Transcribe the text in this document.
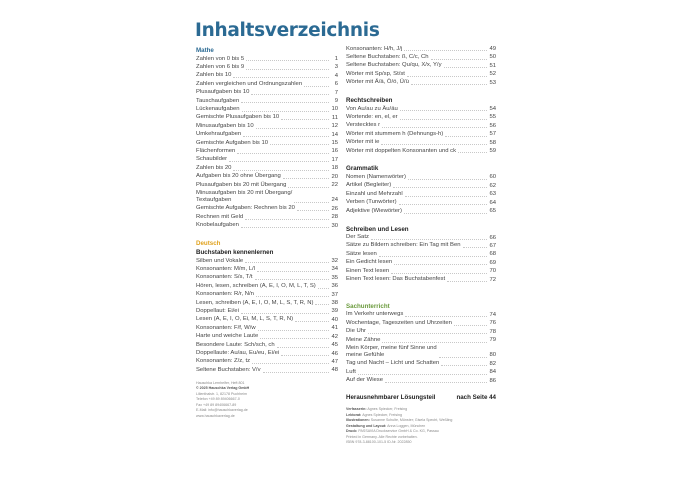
Inhaltsverzeichnis
Mathe
Zahlen von 0 bis 5	1
Zahlen von 6 bis 9	3
Zahlen bis 10	4
Zahlen vergleichen und Ordnungszahlen	6
Plusaufgaben bis 10	7
Tauschaufgaben	9
Lückenaufgaben	10
Gemischte Plusaufgaben bis 10	11
Minusaufgaben bis 10	12
Umkehraufgaben	14
Gemischte Aufgaben bis 10	15
Flächenformen	16
Schaubilder	17
Zahlen bis 20	18
Aufgaben bis 20 ohne Übergang	20
Plusaufgaben bis 20 mit Übergang	22
Minusaufgaben bis 20 mit Übergang/
Textaufgaben	24
Gemischte Aufgaben: Rechnen bis 20	26
Rechnen mit Geld	28
Knobelaufgaben	30
Deutsch
Buchstaben kennenlernen
Silben und Vokale	32
Konsonanten: M/m, L/l	34
Konsonanten: S/s, T/t	35
Hören, lesen, schreiben (A, E, I, O, M, L, T, S)	36
Konsonanten: R/r, N/n	37
Lesen, schreiben (A, E, I, O, M, L, S, T, R, N)	38
Doppellaut: Ei/ei	39
Lesen (A, E, I, O, Ei, M, L, S, T, R, N)	40
Konsonanten: F/f, W/w	41
Harte und weiche Laute	42
Besondere Laute: Sch/sch, ch	45
Doppellaute: Au/au, Eu/eu, Ei/ei	46
Konsonanten: Z/z, tz	47
Seltene Buchstaben: V/v	48
Hauschka Lernhelfer, Heft 801
© 2025 Hauschka Verlag GmbH
Lilienthalstr. 1, 82178 Puchheim
Telefon +49 89 89406667-0
Fax +49 89 89406667-89
E-Mail: info@hauschkaverlag.de
www.hauschkaverlag.de
Konsonanten: H/h, J/j	49
Seltene Buchstaben: ß, C/c, Ch	50
Seltene Buchstaben: Qu/qu, X/x, Y/y	51
Wörter mit Sp/sp, St/st	52
Wörter mit Ä/ä, Ö/ö, Ü/ü	53
Rechtschreiben
Von Au/au zu Äu/äu	54
Wortende: en, el, er	55
Verstecktes r	56
Wörter mit stummem h (Dehnungs-h)	57
Wörter mit ie	58
Wörter mit doppelten Konsonanten und ck	59
Grammatik
Nomen (Namenwörter)	60
Artikel (Begleiter)	62
Einzahl und Mehrzahl	63
Verben (Tunwörter)	64
Adjektive (Wiewörter)	65
Schreiben und Lesen
Der Satz	66
Sätze zu Bildern schreiben: Ein Tag mit Ben	67
Sätze lesen	68
Ein Gedicht lesen	69
Einen Text lesen	70
Einen Text lesen: Das Buchstabenfest	72
Sachunterricht
Im Verkehr unterwegs	74
Wochentage, Tageszeiten und Uhrzeiten	76
Die Uhr	78
Meine Zähne	79
Mein Körper, meine fünf Sinne und
meine Gefühle	80
Tag und Nacht – Licht und Schatten	82
Luft	84
Auf der Wiese	86
Herausnehmbarer Lösungsteil	nach Seite 44
Verfasserin: Agnes Spiecker, Freising
Lektorat: Agnes Spiecker, Freising
Illustrationen: Susanne Schulte, Münster; Gisela Specht, Weßling
Gestaltung und Layout: Anna Loggen, München
Druck: PASSAVIA Druckservice GmbH & Co. KG, Passau
Printed in Germany. Alle Rechte vorbehalten.
ISBN 978-3-88100-101-5 ID-Nr. 2022850
